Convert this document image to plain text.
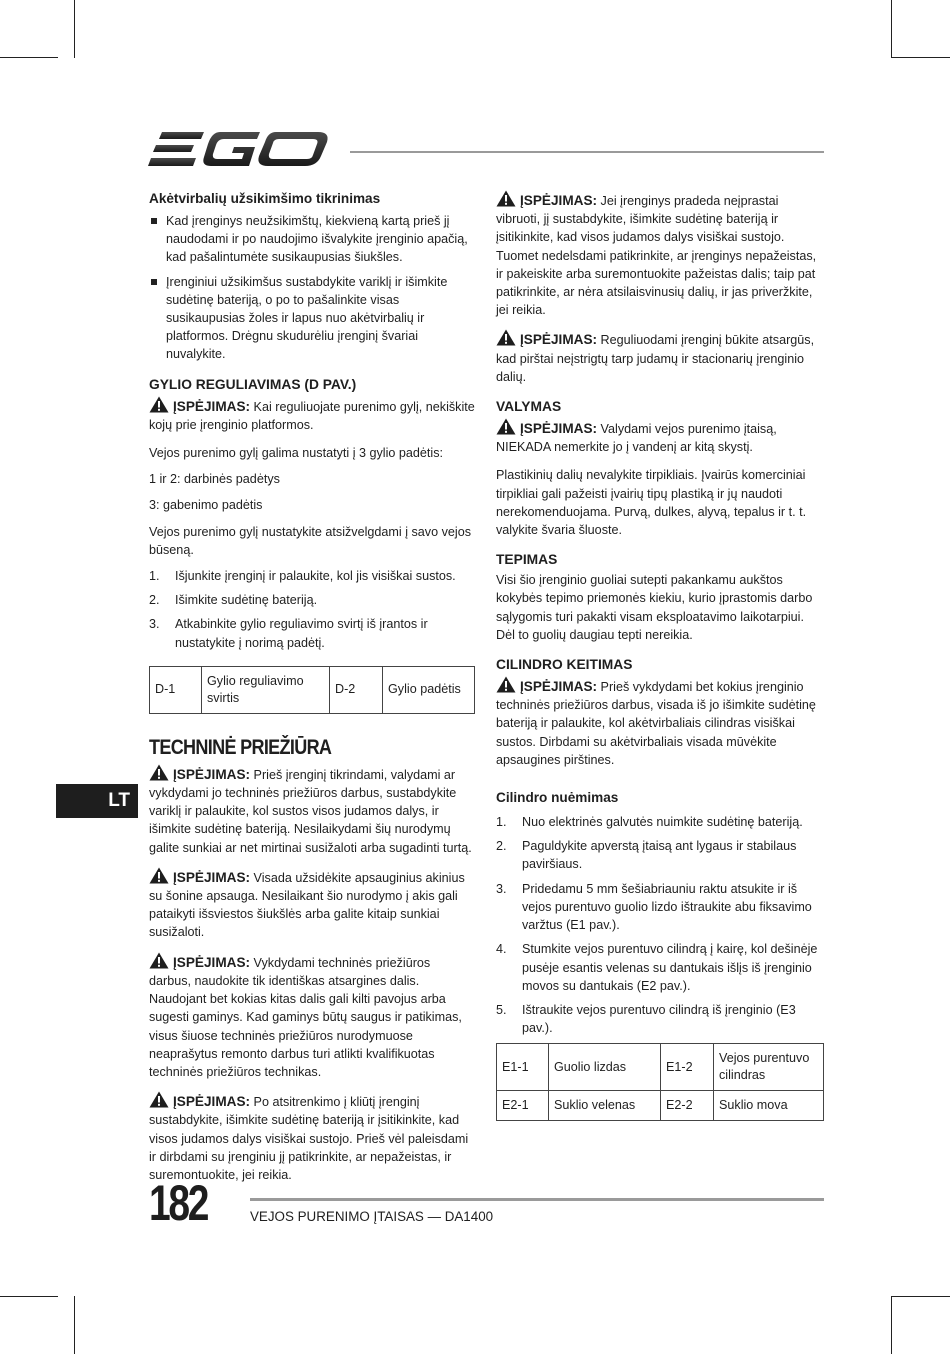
Akėtvirbalių užsikimšimo tikrinimas
Kad įrenginys neužsikimštų, kiekvieną kartą prieš jį naudodami ir po naudojimo išvalykite įrenginio apačią, kad pašalintumėte susikaupusias šiukšles.
Įrenginiui užsikimšus sustabdykite variklį ir išimkite sudėtinę bateriją, o po to pašalinkite visas susikaupusias žoles ir lapus nuo akėtvirbalių ir platformos. Drėgnu skudurėliu įrenginį švariai nuvalykite.
GYLIO REGULIAVIMAS (D PAV.)

ĮSPĖJIMAS: Kai reguliuojate purenimo gylį, nekiškite kojų prie įrenginio platformos.

Vejos purenimo gylį galima nustatyti į 3 gylio padėtis:

1 ir 2: darbinės padėtys

3: gabenimo padėtis

Vejos purenimo gylį nustatykite atsižvelgdami į savo vejos būseną.

1. Išjunkite įrenginį ir palaukite, kol jis visiškai sustos.
2. Išimkite sudėtinę bateriją.
3. Atkabinkite gylio reguliavimo svirtį iš įrantos ir nustatykite į norimą padėtį.
D-1	Gylio reguliavimo svirtis	D-2	Gylio padėtis
TECHNINĖ PRIEŽIŪRA

ĮSPĖJIMAS: Prieš įrenginį tikrindami, valydami ar vykdydami jo techninės priežiūros darbus, sustabdykite variklį ir palaukite, kol sustos visos judamos dalys, ir išimkite sudėtinę bateriją. Nesilaikydami šių nurodymų galite sunkiai ar net mirtinai susižaloti arba sugadinti turtą.

ĮSPĖJIMAS: Visada užsidėkite apsauginius akinius su šonine apsauga. Nesilaikant šio nurodymo į akis gali pataikyti išsviestos šiukšlės arba galite kitaip sunkiai susižaloti.

ĮSPĖJIMAS: Vykdydami techninės priežiūros darbus, naudokite tik identiškas atsargines dalis. Naudojant bet kokias kitas dalis gali kilti pavojus arba sugesti gaminys. Kad gaminys būtų saugus ir patikimas, visus šiuose techninės priežiūros nurodymuose neaprašytus remonto darbus turi atlikti kvalifikuotas techninės priežiūros technikas.

ĮSPĖJIMAS: Po atsitrenkimo į kliūtį įrenginį sustabdykite, išimkite sudėtinę bateriją ir įsitikinkite, kad visos judamos dalys visiškai sustojo. Prieš vėl paleisdami ir dirbdami su įrenginiu jį patikrinkite, ar nepažeistas, ir suremontuokite, jei reikia.

ĮSPĖJIMAS: Jei įrenginys pradeda neįprastai vibruoti, jį sustabdykite, išimkite sudėtinę bateriją ir įsitikinkite, kad visos judamos dalys visiškai sustojo. Tuomet nedelsdami patikrinkite, ar įrenginys nepažeistas, ir pakeiskite arba suremontuokite pažeistas dalis; taip pat patikrinkite, ar nėra atsilaisvinusių dalių, ir jas priveržkite, jei reikia.

ĮSPĖJIMAS: Reguliuodami įrenginį būkite atsargūs, kad pirštai neįstrigtų tarp judamų ir stacionarių įrenginio dalių.

VALYMAS

ĮSPĖJIMAS: Valydami vejos purenimo įtaisą, NIEKADA nemerkite jo į vandenį ar kitą skystį.

Plastikinių dalių nevalykite tirpikliais. Įvairūs komerciniai tirpikliai gali pažeisti įvairių tipų plastiką ir jų naudoti nerekomenduojama. Purvą, dulkes, alyvą, tepalus ir t. t. valykite švaria šluoste.

TEPIMAS

Visi šio įrenginio guoliai sutepti pakankamu aukštos kokybės tepimo priemonės kiekiu, kurio įprastomis darbo sąlygomis turi pakakti visam eksploatavimo laikotarpiui. Dėl to guolių daugiau tepti nereikia.

CILINDRO KEITIMAS

ĮSPĖJIMAS: Prieš vykdydami bet kokius įrenginio techninės priežiūros darbus, visada iš jo išimkite sudėtinę bateriją ir palaukite, kol akėtvirbaliais cilindras visiškai sustos. Dirbdami su akėtvirbaliais visada mūvėkite apsaugines pirštines.

Cilindro nuėmimas
1. Nuo elektrinės galvutės nuimkite sudėtinę bateriją.
2. Paguldykite apverstą įtaisą ant lygaus ir stabilaus paviršiaus.
3. Pridedamu 5 mm šešiabriauniu raktu atsukite ir iš vejos purentuvo guolio lizdo ištraukite abu fiksavimo varžtus (E1 pav.).
4. Stumkite vejos purentuvo cilindrą į kairę, kol dešinėje pusėje esantis velenas su dantukais išlįs iš įrenginio movos su dantukais (E2 pav.).
5. Ištraukite vejos purentuvo cilindrą iš įrenginio (E3 pav.).
E1-1	Guolio lizdas	E1-2	Vejos purentuvo cilindras
E2-1	Suklio velenas	E2-2	Suklio mova
LT
182	VEJOS PURENIMO ĮTAISAS — DA1400
